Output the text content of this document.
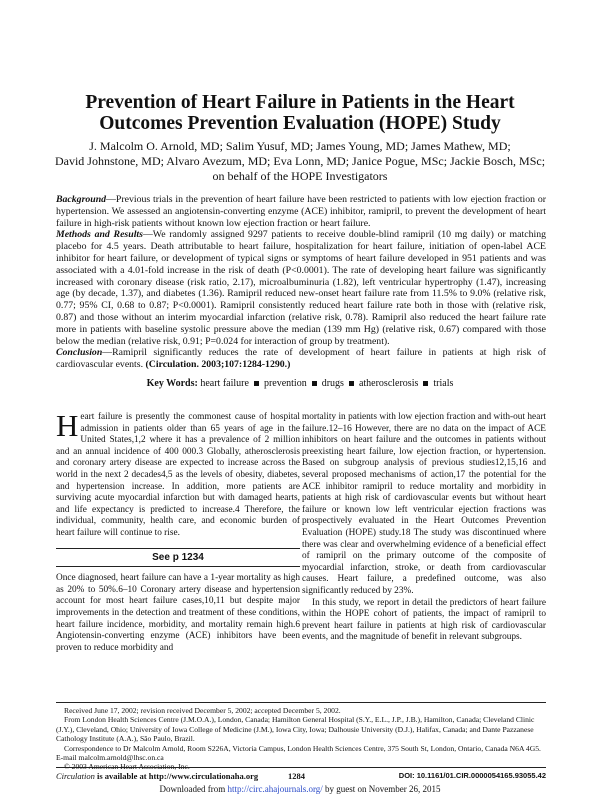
Prevention of Heart Failure in Patients in the Heart
Outcomes Prevention Evaluation (HOPE) Study
J. Malcolm O. Arnold, MD; Salim Yusuf, MD; James Young, MD; James Mathew, MD;
David Johnstone, MD; Alvaro Avezum, MD; Eva Lonn, MD; Janice Pogue, MSc; Jackie Bosch, MSc;
on behalf of the HOPE Investigators

Background—Previous trials in the prevention of heart failure have been restricted to patients with low ejection fraction or hypertension. We assessed an angiotensin-converting enzyme (ACE) inhibitor, ramipril, to prevent the development of heart failure in high-risk patients without known low ejection fraction or heart failure.

Methods and Results—We randomly assigned 9297 patients to receive double-blind ramipril (10 mg daily) or matching placebo for 4.5 years. Death attributable to heart failure, hospitalization for heart failure, initiation of open-label ACE inhibitor for heart failure, or development of typical signs or symptoms of heart failure developed in 951 patients and was associated with a 4.01-fold increase in the risk of death (P<0.0001). The rate of developing heart failure was significantly increased with coronary disease (risk ratio, 2.17), microalbuminuria (1.82), left ventricular hypertrophy (1.47), increasing age (by decade, 1.37), and diabetes (1.36). Ramipril reduced new-onset heart failure rate from 11.5% to 9.0% (relative risk, 0.77; 95% CI, 0.68 to 0.87; P<0.0001). Ramipril consistently reduced heart failure rate both in those with (relative risk, 0.87) and those without an interim myocardial infarction (relative risk, 0.78). Ramipril also reduced the heart failure rate more in patients with baseline systolic pressure above the median (139 mm Hg) (relative risk, 0.67) compared with those below the median (relative risk, 0.91; P=0.024 for interaction of group by treatment).

Conclusion—Ramipril significantly reduces the rate of development of heart failure in patients at high risk of cardiovascular events. (Circulation. 2003;107:1284-1290.)

Key Words: heart failure prevention drugs atherosclerosis trials

Heart failure is presently the commonest cause of hospital admission in patients older than 65 years of age in the United States,1,2 where it has a prevalence of 2 million and an annual incidence of 400 000.3 Globally, atherosclerosis and coronary artery disease are expected to increase across the world in the next 2 decades4,5 as the levels of obesity, diabetes, and hypertension increase. In addition, more patients are surviving acute myocardial infarction but with damaged hearts, and life expectancy is predicted to increase.4 Therefore, the individual, community, health care, and economic burden of heart failure will continue to rise.

See p 1234

Once diagnosed, heart failure can have a 1-year mortality as high as 20% to 50%.6–10 Coronary artery disease and hypertension account for most heart failure cases,10,11 but despite major improvements in the detection and treatment of these conditions, heart failure incidence, morbidity, and mortality remain high.6 Angiotensin-converting enzyme (ACE) inhibitors have been proven to reduce morbidity and

mortality in patients with low ejection fraction and with-out heart failure.12–16 However, there are no data on the impact of ACE inhibitors on heart failure and the outcomes in patients without preexisting heart failure, low ejection fraction, or hypertension. Based on subgroup analysis of previous studies12,15,16 and several proposed mechanisms of action,17 the potential for the ACE inhibitor ramipril to reduce mortality and morbidity in patients at high risk of cardiovascular events but without heart failure or known low left ventricular ejection fractions was prospectively evaluated in the Heart Outcomes Prevention Evaluation (HOPE) study.18 The study was discontinued where there was clear and overwhelming evidence of a beneficial effect of ramipril on the primary outcome of the composite of myocardial infarction, stroke, or death from cardiovascular causes. Heart failure, a predefined outcome, was also significantly reduced by 23%.

In this study, we report in detail the predictors of heart failure within the HOPE cohort of patients, the impact of ramipril to prevent heart failure in patients at high risk of cardiovascular events, and the magnitude of benefit in relevant subgroups.

Received June 17, 2002; revision received December 5, 2002; accepted December 5, 2002.
From London Health Sciences Centre (J.M.O.A.), London, Canada; Hamilton General Hospital (S.Y., E.L., J.P., J.B.), Hamilton, Canada; Cleveland Clinic (J.Y.), Cleveland, Ohio; University of Iowa College of Medicine (J.M.), Iowa City, Iowa; Dalhousie University (D.J.), Halifax, Canada; and Dante Pazzanese Cathology Institute (A.A.), São Paulo, Brazil.
Correspondence to Dr Malcolm Arnold, Room S226A, Victoria Campus, London Health Sciences Centre, 375 South St, London, Ontario, Canada N6A 4G5. E-mail malcolm.arnold@lhsc.on.ca
© 2003 American Heart Association, Inc.
Circulation is available at http://www.circulationaha.org	1284	DOI: 10.1161/01.CIR.0000054165.93055.42
Downloaded from http://circ.ahajournals.org/ by guest on November 26, 2015
